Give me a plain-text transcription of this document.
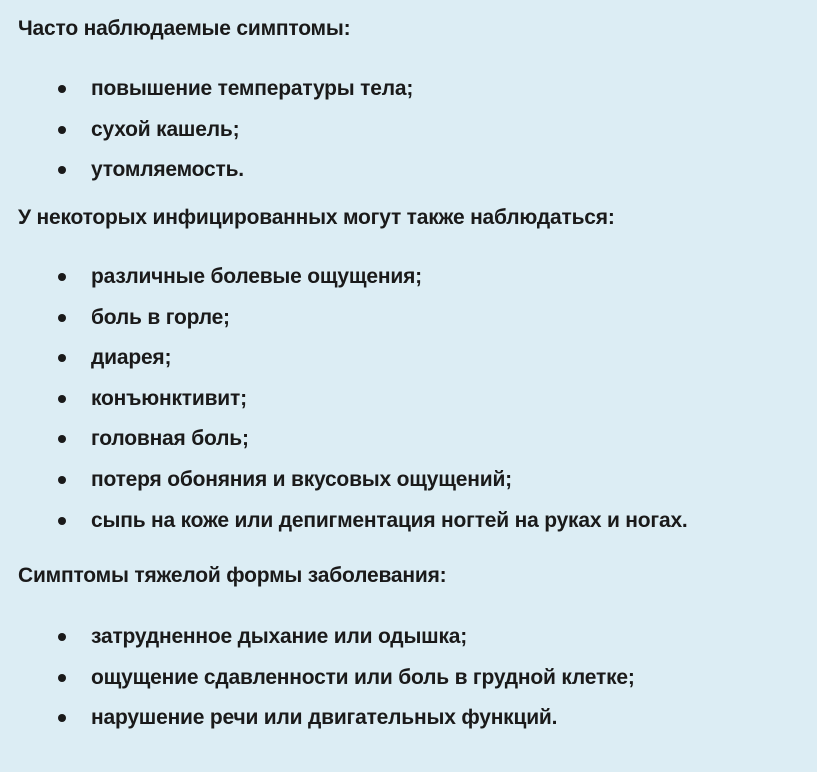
Часто наблюдаемые симптомы:
повышение температуры тела;
сухой кашель;
утомляемость.
У некоторых инфицированных могут также наблюдаться:
различные болевые ощущения;
боль в горле;
диарея;
конъюнктивит;
головная боль;
потеря обоняния и вкусовых ощущений;
сыпь на коже или депигментация ногтей на руках и ногах.
Симптомы тяжелой формы заболевания:
затрудненное дыхание или одышка;
ощущение сдавленности или боль в грудной клетке;
нарушение речи или двигательных функций.
